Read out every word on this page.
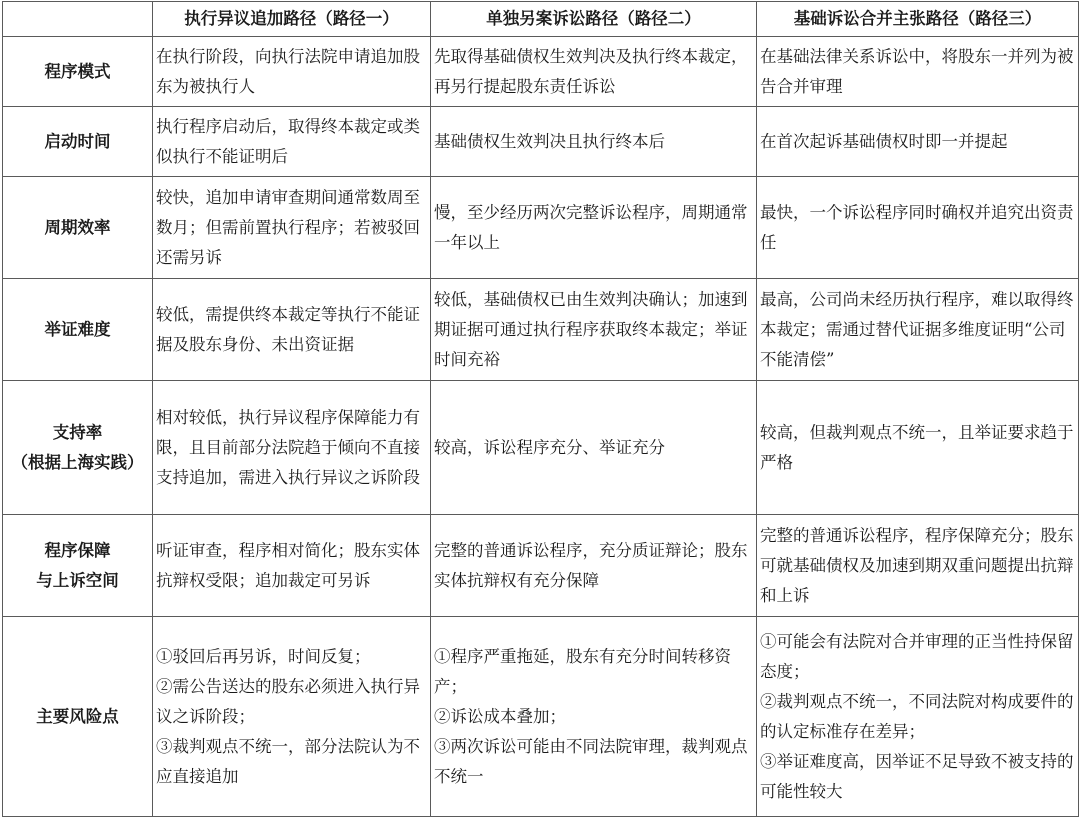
	执行异议追加路径（路径一）	单独另案诉讼路径（路径二）	基础诉讼合并主张路径（路径三）

程序模式	在执行阶段，向执行法院申请追加股东为被执行人	先取得基础债权生效判决及执行终本裁定，再另行提起股东责任诉讼	在基础法律关系诉讼中，将股东一并列为被告合并审理

启动时间	执行程序启动后，取得终本裁定或类似执行不能证明后	基础债权生效判决且执行终本后	在首次起诉基础债权时即一并提起

周期效率	较快，追加申请审查期间通常数周至数月；但需前置执行程序；若被驳回还需另诉	慢，至少经历两次完整诉讼程序，周期通常一年以上	最快，一个诉讼程序同时确权并追究出资责任

举证难度	较低，需提供终本裁定等执行不能证据及股东身份、未出资证据	较低，基础债权已由生效判决确认；加速到期证据可通过执行程序获取终本裁定；举证时间充裕	最高，公司尚未经历执行程序，难以取得终本裁定；需通过替代证据多维度证明“公司不能清偿”

支持率
（根据上海实践）	相对较低，执行异议程序保障能力有限，且目前部分法院趋于倾向不直接支持追加，需进入执行异议之诉阶段	较高，诉讼程序充分、举证充分	较高，但裁判观点不统一，且举证要求趋于严格

程序保障
与上诉空间	听证审查，程序相对简化；股东实体抗辩权受限；追加裁定可另诉	完整的普通诉讼程序，充分质证辩论；股东实体抗辩权有充分保障	完整的普通诉讼程序，程序保障充分；股东可就基础债权及加速到期双重问题提出抗辩和上诉

主要风险点	①驳回后再另诉，时间反复；
②需公告送达的股东必须进入执行异议之诉阶段；
③裁判观点不统一，部分法院认为不应直接追加	①程序严重拖延，股东有充分时间转移资产；
②诉讼成本叠加；
③两次诉讼可能由不同法院审理，裁判观点不统一	①可能会有法院对合并审理的正当性持保留态度；
②裁判观点不统一，不同法院对构成要件的的认定标准存在差异；
③举证难度高，因举证不足导致不被支持的可能性较大
